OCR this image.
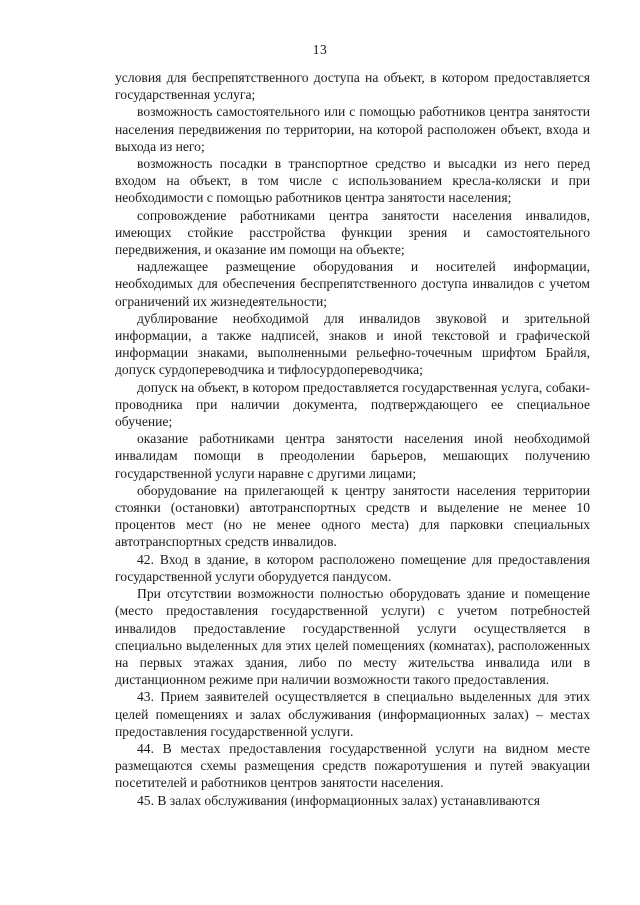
13

условия для беспрепятственного доступа на объект, в котором предоставляется государственная услуга;

возможность самостоятельного или с помощью работников центра занятости населения передвижения по территории, на которой расположен объект, входа и выхода из него;

возможность посадки в транспортное средство и высадки из него перед входом на объект, в том числе с использованием кресла-коляски и при необходимости с помощью работников центра занятости населения;

сопровождение работниками центра занятости населения инвалидов, имеющих стойкие расстройства функции зрения и самостоятельного передвижения, и оказание им помощи на объекте;

надлежащее размещение оборудования и носителей информации, необходимых для обеспечения беспрепятственного доступа инвалидов с учетом ограничений их жизнедеятельности;

дублирование необходимой для инвалидов звуковой и зрительной информации, а также надписей, знаков и иной текстовой и графической информации знаками, выполненными рельефно-точечным шрифтом Брайля, допуск сурдопереводчика и тифлосурдопереводчика;

допуск на объект, в котором предоставляется государственная услуга, собаки-проводника при наличии документа, подтверждающего ее специальное обучение;

оказание работниками центра занятости населения иной необходимой инвалидам помощи в преодолении барьеров, мешающих получению государственной услуги наравне с другими лицами;

оборудование на прилегающей к центру занятости населения территории стоянки (остановки) автотранспортных средств и выделение не менее 10 процентов мест (но не менее одного места) для парковки специальных автотранспортных средств инвалидов.

42. Вход в здание, в котором расположено помещение для предоставления государственной услуги оборудуется пандусом.

При отсутствии возможности полностью оборудовать здание и помещение (место предоставления государственной услуги) с учетом потребностей инвалидов предоставление государственной услуги осуществляется в специально выделенных для этих целей помещениях (комнатах), расположенных на первых этажах здания, либо по месту жительства инвалида или в дистанционном режиме при наличии возможности такого предоставления.

43. Прием заявителей осуществляется в специально выделенных для этих целей помещениях и залах обслуживания (информационных залах) – местах предоставления государственной услуги.

44. В местах предоставления государственной услуги на видном месте размещаются схемы размещения средств пожаротушения и путей эвакуации посетителей и работников центров занятости населения.

45. В залах обслуживания (информационных залах) устанавливаются
